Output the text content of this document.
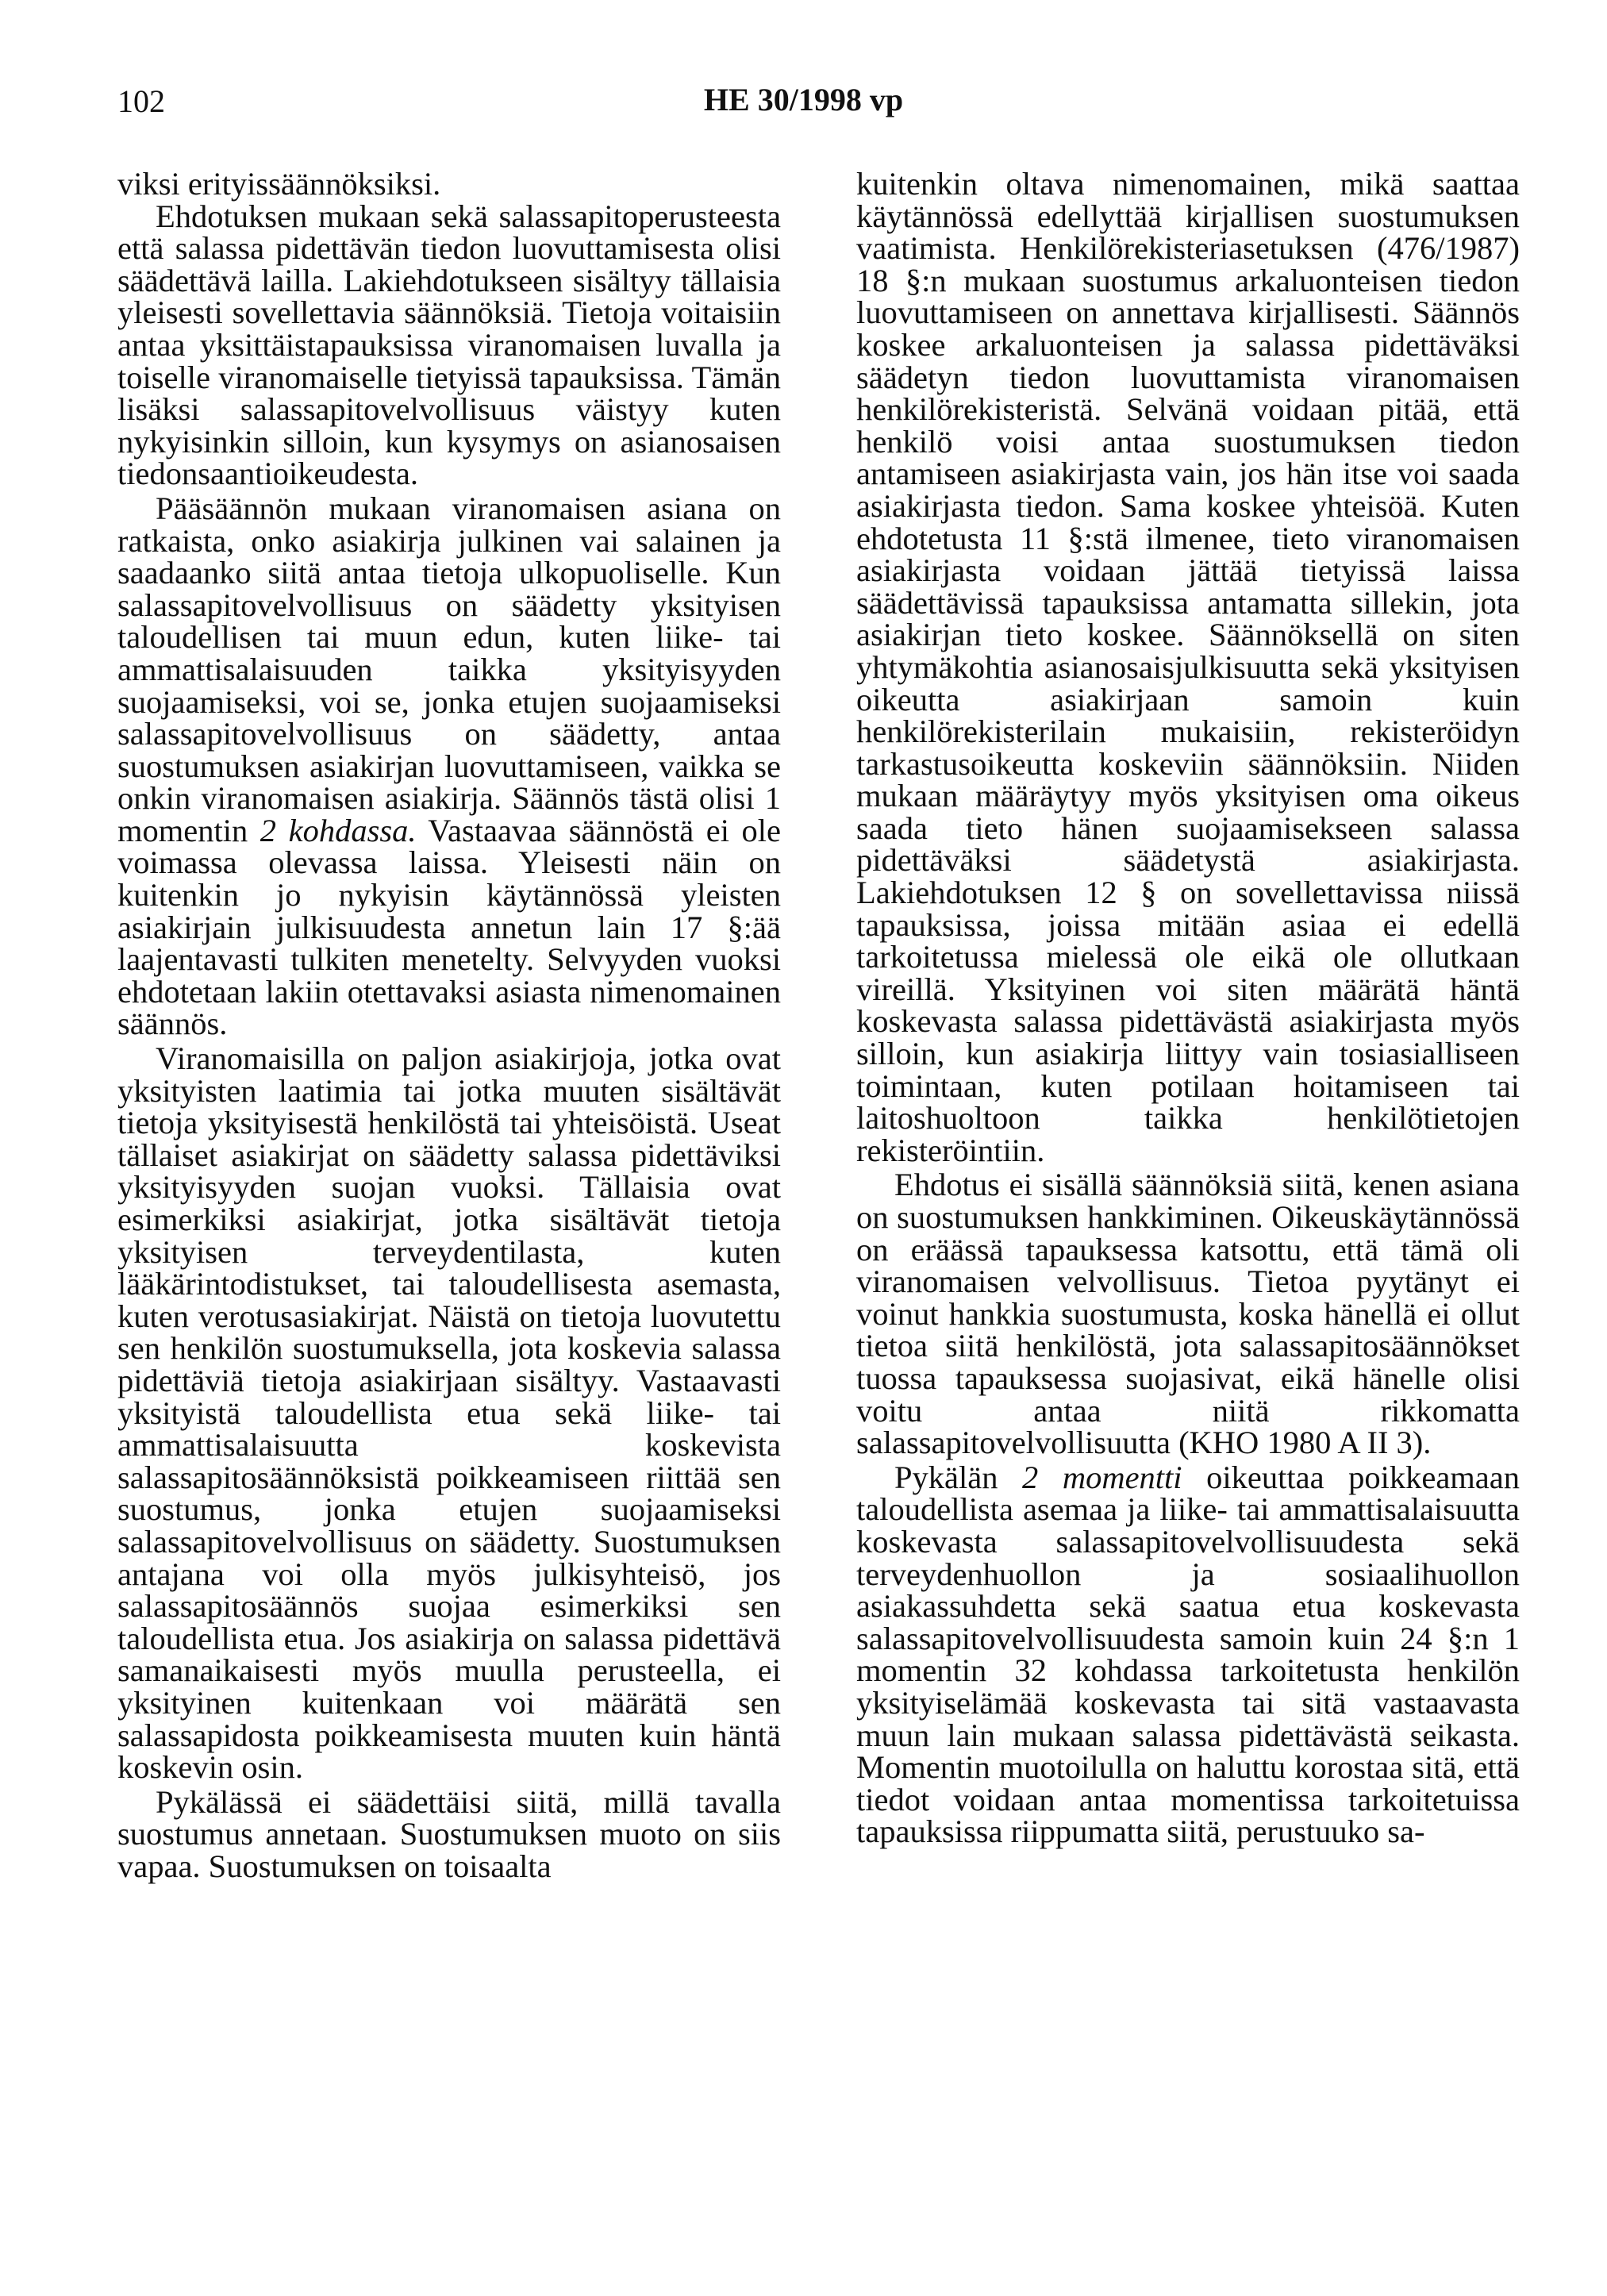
102	HE 30/1998 vp

viksi erityissäännöksiksi.

Ehdotuksen mukaan sekä salassapitoperusteesta että salassa pidettävän tiedon luovuttamisesta olisi säädettävä lailla. Lakiehdotukseen sisältyy tällaisia yleisesti sovellettavia säännöksiä. Tietoja voitaisiin antaa yksittäistapauksissa viranomaisen luvalla ja toiselle viranomaiselle tietyissä tapauksissa. Tämän lisäksi salassapitovelvollisuus väistyy kuten nykyisinkin silloin, kun kysymys on asianosaisen tiedonsaantioikeudesta.

Pääsäännön mukaan viranomaisen asiana on ratkaista, onko asiakirja julkinen vai salainen ja saadaanko siitä antaa tietoja ulkopuoliselle. Kun salassapitovelvollisuus on säädetty yksityisen taloudellisen tai muun edun, kuten liike- tai ammattisalaisuuden taikka yksityisyyden suojaamiseksi, voi se, jonka etujen suojaamiseksi salassapitovelvollisuus on säädetty, antaa suostumuksen asiakirjan luovuttamiseen, vaikka se onkin viranomaisen asiakirja. Säännös tästä olisi 1 momentin 2 kohdassa. Vastaavaa säännöstä ei ole voimassa olevassa laissa. Yleisesti näin on kuitenkin jo nykyisin käytännössä yleisten asiakirjain julkisuudesta annetun lain 17 §:ää laajentavasti tulkiten menetelty. Selvyyden vuoksi ehdotetaan lakiin otettavaksi asiasta nimenomainen säännös.

Viranomaisilla on paljon asiakirjoja, jotka ovat yksityisten laatimia tai jotka muuten sisältävät tietoja yksityisestä henkilöstä tai yhteisöistä. Useat tällaiset asiakirjat on säädetty salassa pidettäviksi yksityisyyden suojan vuoksi. Tällaisia ovat esimerkiksi asiakirjat, jotka sisältävät tietoja yksityisen terveydentilasta, kuten lääkärintodistukset, tai taloudellisesta asemasta, kuten verotusasiakirjat. Näistä on tietoja luovutettu sen henkilön suostumuksella, jota koskevia salassa pidettäviä tietoja asiakirjaan sisältyy. Vastaavasti yksityistä taloudellista etua sekä liike- tai ammattisalaisuutta koskevista salassapitosäännöksistä poikkeamiseen riittää sen suostumus, jonka etujen suojaamiseksi salassapitovelvollisuus on säädetty. Suostumuksen antajana voi olla myös julkisyhteisö, jos salassapitosäännös suojaa esimerkiksi sen taloudellista etua. Jos asiakirja on salassa pidettävä samanaikaisesti myös muulla perusteella, ei yksityinen kuitenkaan voi määrätä sen salassapidosta poikkeamisesta muuten kuin häntä koskevin osin.

Pykälässä ei säädettäisi siitä, millä tavalla suostumus annetaan. Suostumuksen muoto on siis vapaa. Suostumuksen on toisaalta

kuitenkin oltava nimenomainen, mikä saattaa käytännössä edellyttää kirjallisen suostumuksen vaatimista. Henkilörekisteriasetuksen (476/1987) 18 §:n mukaan suostumus arkaluonteisen tiedon luovuttamiseen on annettava kirjallisesti. Säännös koskee arkaluonteisen ja salassa pidettäväksi säädetyn tiedon luovuttamista viranomaisen henkilörekisteristä. Selvänä voidaan pitää, että henkilö voisi antaa suostumuksen tiedon antamiseen asiakirjasta vain, jos hän itse voi saada asiakirjasta tiedon. Sama koskee yhteisöä. Kuten ehdotetusta 11 §:stä ilmenee, tieto viranomaisen asiakirjasta voidaan jättää tietyissä laissa säädettävissä tapauksissa antamatta sillekin, jota asiakirjan tieto koskee. Säännöksellä on siten yhtymäkohtia asianosaisjulkisuutta sekä yksityisen oikeutta asiakirjaan samoin kuin henkilörekisterilain mukaisiin, rekisteröidyn tarkastusoikeutta koskeviin säännöksiin. Niiden mukaan määräytyy myös yksityisen oma oikeus saada tieto hänen suojaamisekseen salassa pidettäväksi säädetystä asiakirjasta. Lakiehdotuksen 12 § on sovellettavissa niissä tapauksissa, joissa mitään asiaa ei edellä tarkoitetussa mielessä ole eikä ole ollutkaan vireillä. Yksityinen voi siten määrätä häntä koskevasta salassa pidettävästä asiakirjasta myös silloin, kun asiakirja liittyy vain tosiasialliseen toimintaan, kuten potilaan hoitamiseen tai laitoshuoltoon taikka henkilötietojen rekisteröintiin.

Ehdotus ei sisällä säännöksiä siitä, kenen asiana on suostumuksen hankkiminen. Oikeuskäytännössä on eräässä tapauksessa katsottu, että tämä oli viranomaisen velvollisuus. Tietoa pyytänyt ei voinut hankkia suostumusta, koska hänellä ei ollut tietoa siitä henkilöstä, jota salassapitosäännökset tuossa tapauksessa suojasivat, eikä hänelle olisi voitu antaa niitä rikkomatta salassapitovelvollisuutta (KHO 1980 A II 3).

Pykälän 2 momentti oikeuttaa poikkeamaan taloudellista asemaa ja liike- tai ammattisalaisuutta koskevasta salassapitovelvollisuudesta sekä terveydenhuollon ja sosiaalihuollon asiakassuhdetta sekä saatua etua koskevasta salassapitovelvollisuudesta samoin kuin 24 §:n 1 momentin 32 kohdassa tarkoitetusta henkilön yksityiselämää koskevasta tai sitä vastaavasta muun lain mukaan salassa pidettävästä seikasta. Momentin muotoilulla on haluttu korostaa sitä, että tiedot voidaan antaa momentissa tarkoitetuissa tapauksissa riippumatta siitä, perustuuko sa-
